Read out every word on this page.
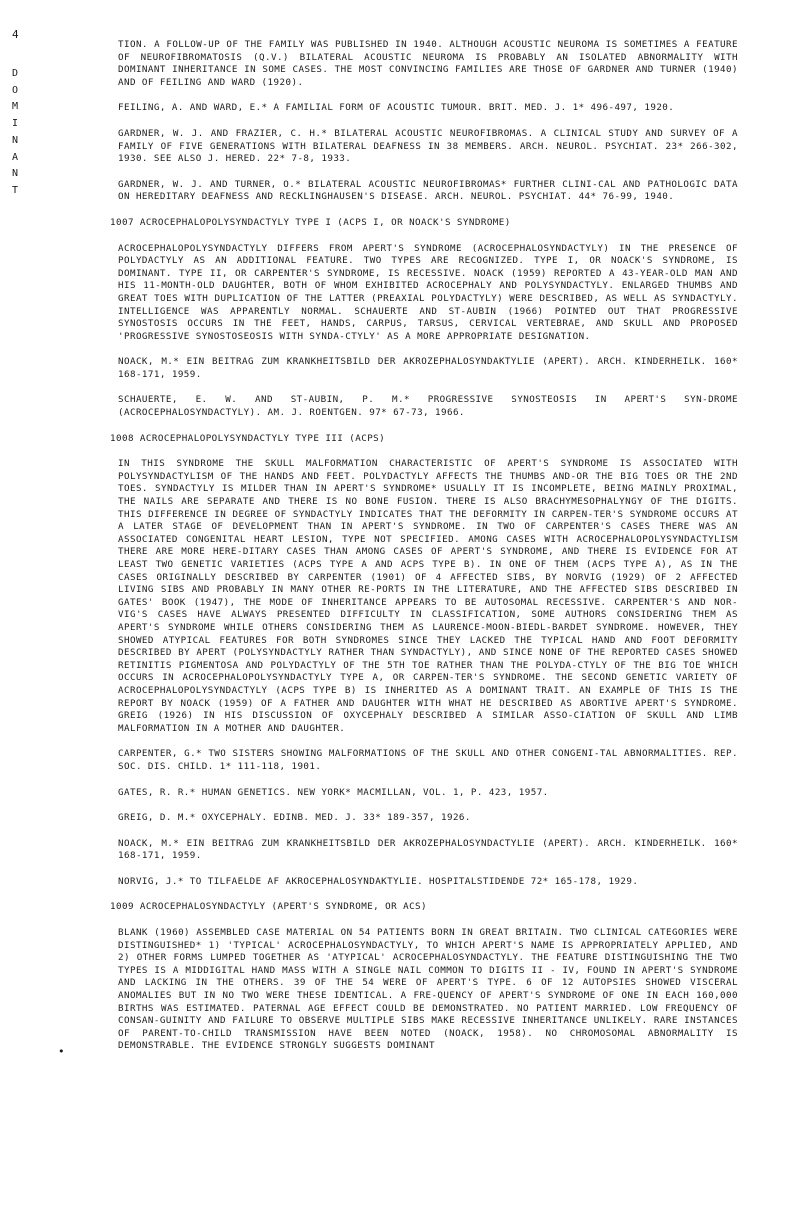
4
D
O
M
I
N
A
N
T
•

TION. A FOLLOW-UP OF THE FAMILY WAS PUBLISHED IN 1940. ALTHOUGH ACOUSTIC NEUROMA IS SOMETIMES A FEATURE OF NEUROFIBROMATOSIS (Q.V.) BILATERAL ACOUSTIC NEUROMA IS PROBABLY AN ISOLATED ABNORMALITY WITH DOMINANT INHERITANCE IN SOME CASES. THE MOST CONVINCING FAMILIES ARE THOSE OF GARDNER AND TURNER (1940) AND OF FEILING AND WARD (1920).

FEILING, A. AND WARD, E.* A FAMILIAL FORM OF ACOUSTIC TUMOUR. BRIT. MED. J. 1* 496-497, 1920.

GARDNER, W. J. AND FRAZIER, C. H.* BILATERAL ACOUSTIC NEUROFIBROMAS. A CLINICAL STUDY AND SURVEY OF A FAMILY OF FIVE GENERATIONS WITH BILATERAL DEAFNESS IN 38 MEMBERS. ARCH. NEUROL. PSYCHIAT. 23* 266-302, 1930. SEE ALSO J. HERED. 22* 7-8, 1933.

GARDNER, W. J. AND TURNER, O.* BILATERAL ACOUSTIC NEUROFIBROMAS* FURTHER CLINI-CAL AND PATHOLOGIC DATA ON HEREDITARY DEAFNESS AND RECKLINGHAUSEN'S DISEASE. ARCH. NEUROL. PSYCHIAT. 44* 76-99, 1940.

1007 ACROCEPHALOPOLYSYNDACTYLY TYPE I (ACPS I, OR NOACK'S SYNDROME)

ACROCEPHALOPOLYSYNDACTYLY DIFFERS FROM APERT'S SYNDROME (ACROCEPHALOSYNDACTYLY) IN THE PRESENCE OF POLYDACTYLY AS AN ADDITIONAL FEATURE. TWO TYPES ARE RECOGNIZED. TYPE I, OR NOACK'S SYNDROME, IS DOMINANT. TYPE II, OR CARPENTER'S SYNDROME, IS RECESSIVE. NOACK (1959) REPORTED A 43-YEAR-OLD MAN AND HIS 11-MONTH-OLD DAUGHTER, BOTH OF WHOM EXHIBITED ACROCEPHALY AND POLYSYNDACTYLY. ENLARGED THUMBS AND GREAT TOES WITH DUPLICATION OF THE LATTER (PREAXIAL POLYDACTYLY) WERE DESCRIBED, AS WELL AS SYNDACTYLY. INTELLIGENCE WAS APPARENTLY NORMAL. SCHAUERTE AND ST-AUBIN (1966) POINTED OUT THAT PROGRESSIVE SYNOSTOSIS OCCURS IN THE FEET, HANDS, CARPUS, TARSUS, CERVICAL VERTEBRAE, AND SKULL AND PROPOSED 'PROGRESSIVE SYNOSTOSEOSIS WITH SYNDA-CTYLY' AS A MORE APPROPRIATE DESIGNATION.

NOACK, M.* EIN BEITRAG ZUM KRANKHEITSBILD DER AKROZEPHALOSYNDAKTYLIE (APERT). ARCH. KINDERHEILK. 160* 168-171, 1959.

SCHAUERTE, E. W. AND ST-AUBIN, P. M.* PROGRESSIVE SYNOSTEOSIS IN APERT'S SYN-DROME (ACROCEPHALOSYNDACTYLY). AM. J. ROENTGEN. 97* 67-73, 1966.

1008 ACROCEPHALOPOLYSYNDACTYLY TYPE III (ACPS)

IN THIS SYNDROME THE SKULL MALFORMATION CHARACTERISTIC OF APERT'S SYNDROME IS ASSOCIATED WITH POLYSYNDACTYLISM OF THE HANDS AND FEET. POLYDACTYLY AFFECTS THE THUMBS AND-OR THE BIG TOES OR THE 2ND TOES. SYNDACTYLY IS MILDER THAN IN APERT'S SYNDROME* USUALLY IT IS INCOMPLETE, BEING MAINLY PROXIMAL, THE NAILS ARE SEPARATE AND THERE IS NO BONE FUSION. THERE IS ALSO BRACHYMESOPHALYNGY OF THE DIGITS. THIS DIFFERENCE IN DEGREE OF SYNDACTYLY INDICATES THAT THE DEFORMITY IN CARPEN-TER'S SYNDROME OCCURS AT A LATER STAGE OF DEVELOPMENT THAN IN APERT'S SYNDROME. IN TWO OF CARPENTER'S CASES THERE WAS AN ASSOCIATED CONGENITAL HEART LESION, TYPE NOT SPECIFIED. AMONG CASES WITH ACROCEPHALOPOLYSYNDACTYLISM THERE ARE MORE HERE-DITARY CASES THAN AMONG CASES OF APERT'S SYNDROME, AND THERE IS EVIDENCE FOR AT LEAST TWO GENETIC VARIETIES (ACPS TYPE A AND ACPS TYPE B). IN ONE OF THEM (ACPS TYPE A), AS IN THE CASES ORIGINALLY DESCRIBED BY CARPENTER (1901) OF 4 AFFECTED SIBS, BY NORVIG (1929) OF 2 AFFECTED LIVING SIBS AND PROBABLY IN MANY OTHER RE-PORTS IN THE LITERATURE, AND THE AFFECTED SIBS DESCRIBED IN GATES' BOOK (1947), THE MODE OF INHERITANCE APPEARS TO BE AUTOSOMAL RECESSIVE. CARPENTER'S AND NOR-VIG'S CASES HAVE ALWAYS PRESENTED DIFFICULTY IN CLASSIFICATION, SOME AUTHORS CONSIDERING THEM AS APERT'S SYNDROME WHILE OTHERS CONSIDERING THEM AS LAURENCE-MOON-BIEDL-BARDET SYNDROME. HOWEVER, THEY SHOWED ATYPICAL FEATURES FOR BOTH SYNDROMES SINCE THEY LACKED THE TYPICAL HAND AND FOOT DEFORMITY DESCRIBED BY APERT (POLYSYNDACTYLY RATHER THAN SYNDACTYLY), AND SINCE NONE OF THE REPORTED CASES SHOWED RETINITIS PIGMENTOSA AND POLYDACTYLY OF THE 5TH TOE RATHER THAN THE POLYDA-CTYLY OF THE BIG TOE WHICH OCCURS IN ACROCEPHALOPOLYSYNDACTYLY TYPE A, OR CARPEN-TER'S SYNDROME. THE SECOND GENETIC VARIETY OF ACROCEPHALOPOLYSYNDACTYLY (ACPS TYPE B) IS INHERITED AS A DOMINANT TRAIT. AN EXAMPLE OF THIS IS THE REPORT BY NOACK (1959) OF A FATHER AND DAUGHTER WITH WHAT HE DESCRIBED AS ABORTIVE APERT'S SYNDROME. GREIG (1926) IN HIS DISCUSSION OF OXYCEPHALY DESCRIBED A SIMILAR ASSO-CIATION OF SKULL AND LIMB MALFORMATION IN A MOTHER AND DAUGHTER.

CARPENTER, G.* TWO SISTERS SHOWING MALFORMATIONS OF THE SKULL AND OTHER CONGENI-TAL ABNORMALITIES. REP. SOC. DIS. CHILD. 1* 111-118, 1901.

GATES, R. R.* HUMAN GENETICS. NEW YORK* MACMILLAN, VOL. 1, P. 423, 1957.

GREIG, D. M.* OXYCEPHALY. EDINB. MED. J. 33* 189-357, 1926.

NOACK, M.* EIN BEITRAG ZUM KRANKHEITSBILD DER AKROZEPHALOSYNDACTYLIE (APERT). ARCH. KINDERHEILK. 160* 168-171, 1959.

NORVIG, J.* TO TILFAELDE AF AKROCEPHALOSYNDAKTYLIE. HOSPITALSTIDENDE 72* 165-178, 1929.

1009 ACROCEPHALOSYNDACTYLY (APERT'S SYNDROME, OR ACS)

BLANK (1960) ASSEMBLED CASE MATERIAL ON 54 PATIENTS BORN IN GREAT BRITAIN. TWO CLINICAL CATEGORIES WERE DISTINGUISHED* 1) 'TYPICAL' ACROCEPHALOSYNDACTYLY, TO WHICH APERT'S NAME IS APPROPRIATELY APPLIED, AND 2) OTHER FORMS LUMPED TOGETHER AS 'ATYPICAL' ACROCEPHALOSYNDACTYLY. THE FEATURE DISTINGUISHING THE TWO TYPES IS A MIDDIGITAL HAND MASS WITH A SINGLE NAIL COMMON TO DIGITS II - IV, FOUND IN APERT'S SYNDROME AND LACKING IN THE OTHERS. 39 OF THE 54 WERE OF APERT'S TYPE. 6 OF 12 AUTOPSIES SHOWED VISCERAL ANOMALIES BUT IN NO TWO WERE THESE IDENTICAL. A FRE-QUENCY OF APERT'S SYNDROME OF ONE IN EACH 160,000 BIRTHS WAS ESTIMATED. PATERNAL AGE EFFECT COULD BE DEMONSTRATED. NO PATIENT MARRIED. LOW FREQUENCY OF CONSAN-GUINITY AND FAILURE TO OBSERVE MULTIPLE SIBS MAKE RECESSIVE INHERITANCE UNLIKELY. RARE INSTANCES OF PARENT-TO-CHILD TRANSMISSION HAVE BEEN NOTED (NOACK, 1958). NO CHROMOSOMAL ABNORMALITY IS DEMONSTRABLE. THE EVIDENCE STRONGLY SUGGESTS DOMINANT
